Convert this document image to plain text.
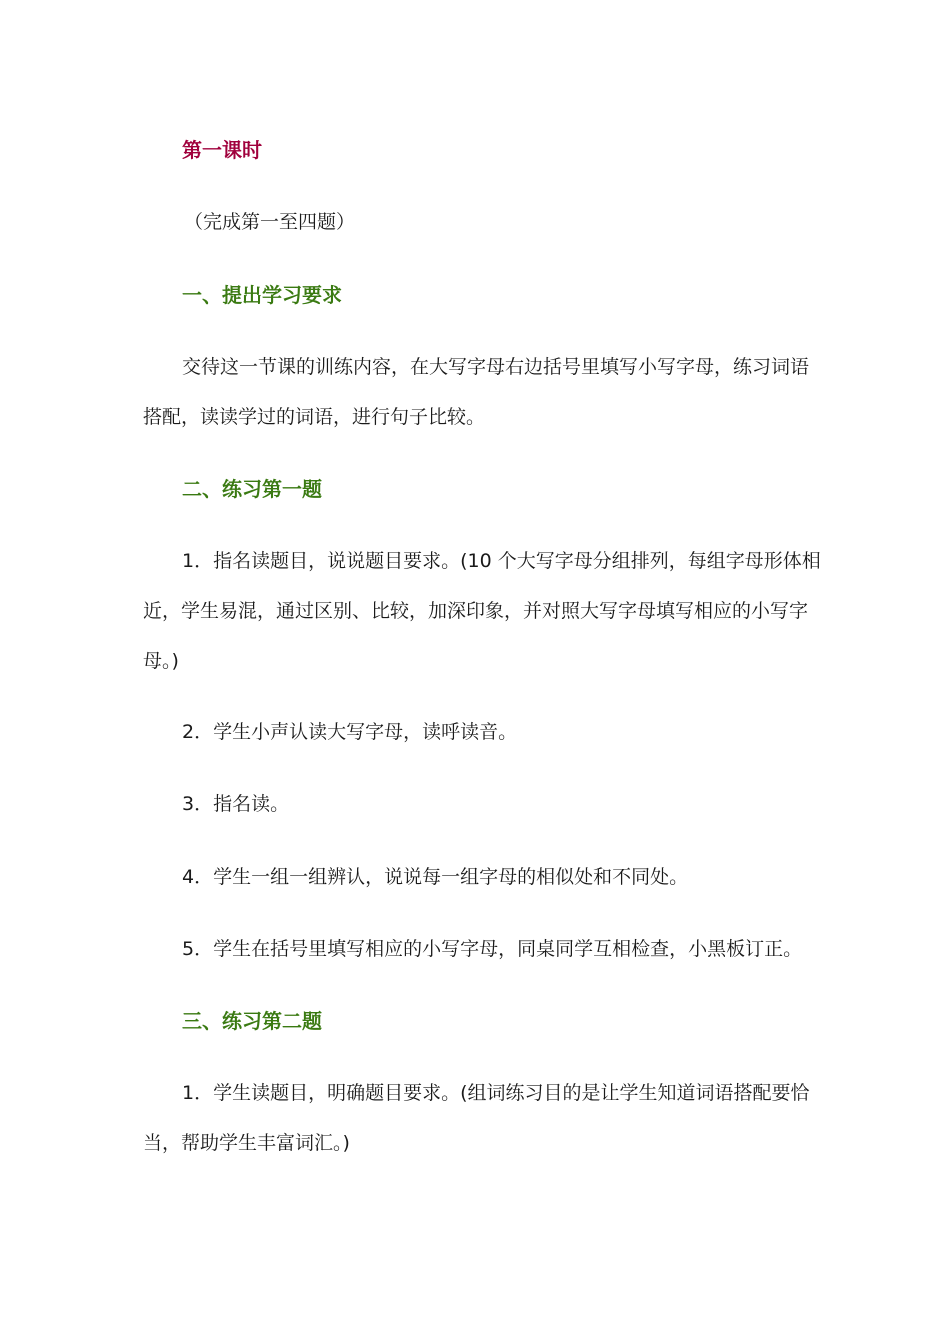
第一课时
（完成第一至四题）
一、提出学习要求
交待这一节课的训练内容，在大写字母右边括号里填写小写字母，练习词语
搭配，读读学过的词语，进行句子比较。
二、练习第一题
1．指名读题目，说说题目要求。(10 个大写字母分组排列，每组字母形体相
近，学生易混，通过区别、比较，加深印象，并对照大写字母填写相应的小写字
母。)
2．学生小声认读大写字母，读呼读音。
3．指名读。
4．学生一组一组辨认，说说每一组字母的相似处和不同处。
5．学生在括号里填写相应的小写字母，同桌同学互相检查，小黑板订正。
三、练习第二题
1．学生读题目，明确题目要求。(组词练习目的是让学生知道词语搭配要恰
当，帮助学生丰富词汇。)
